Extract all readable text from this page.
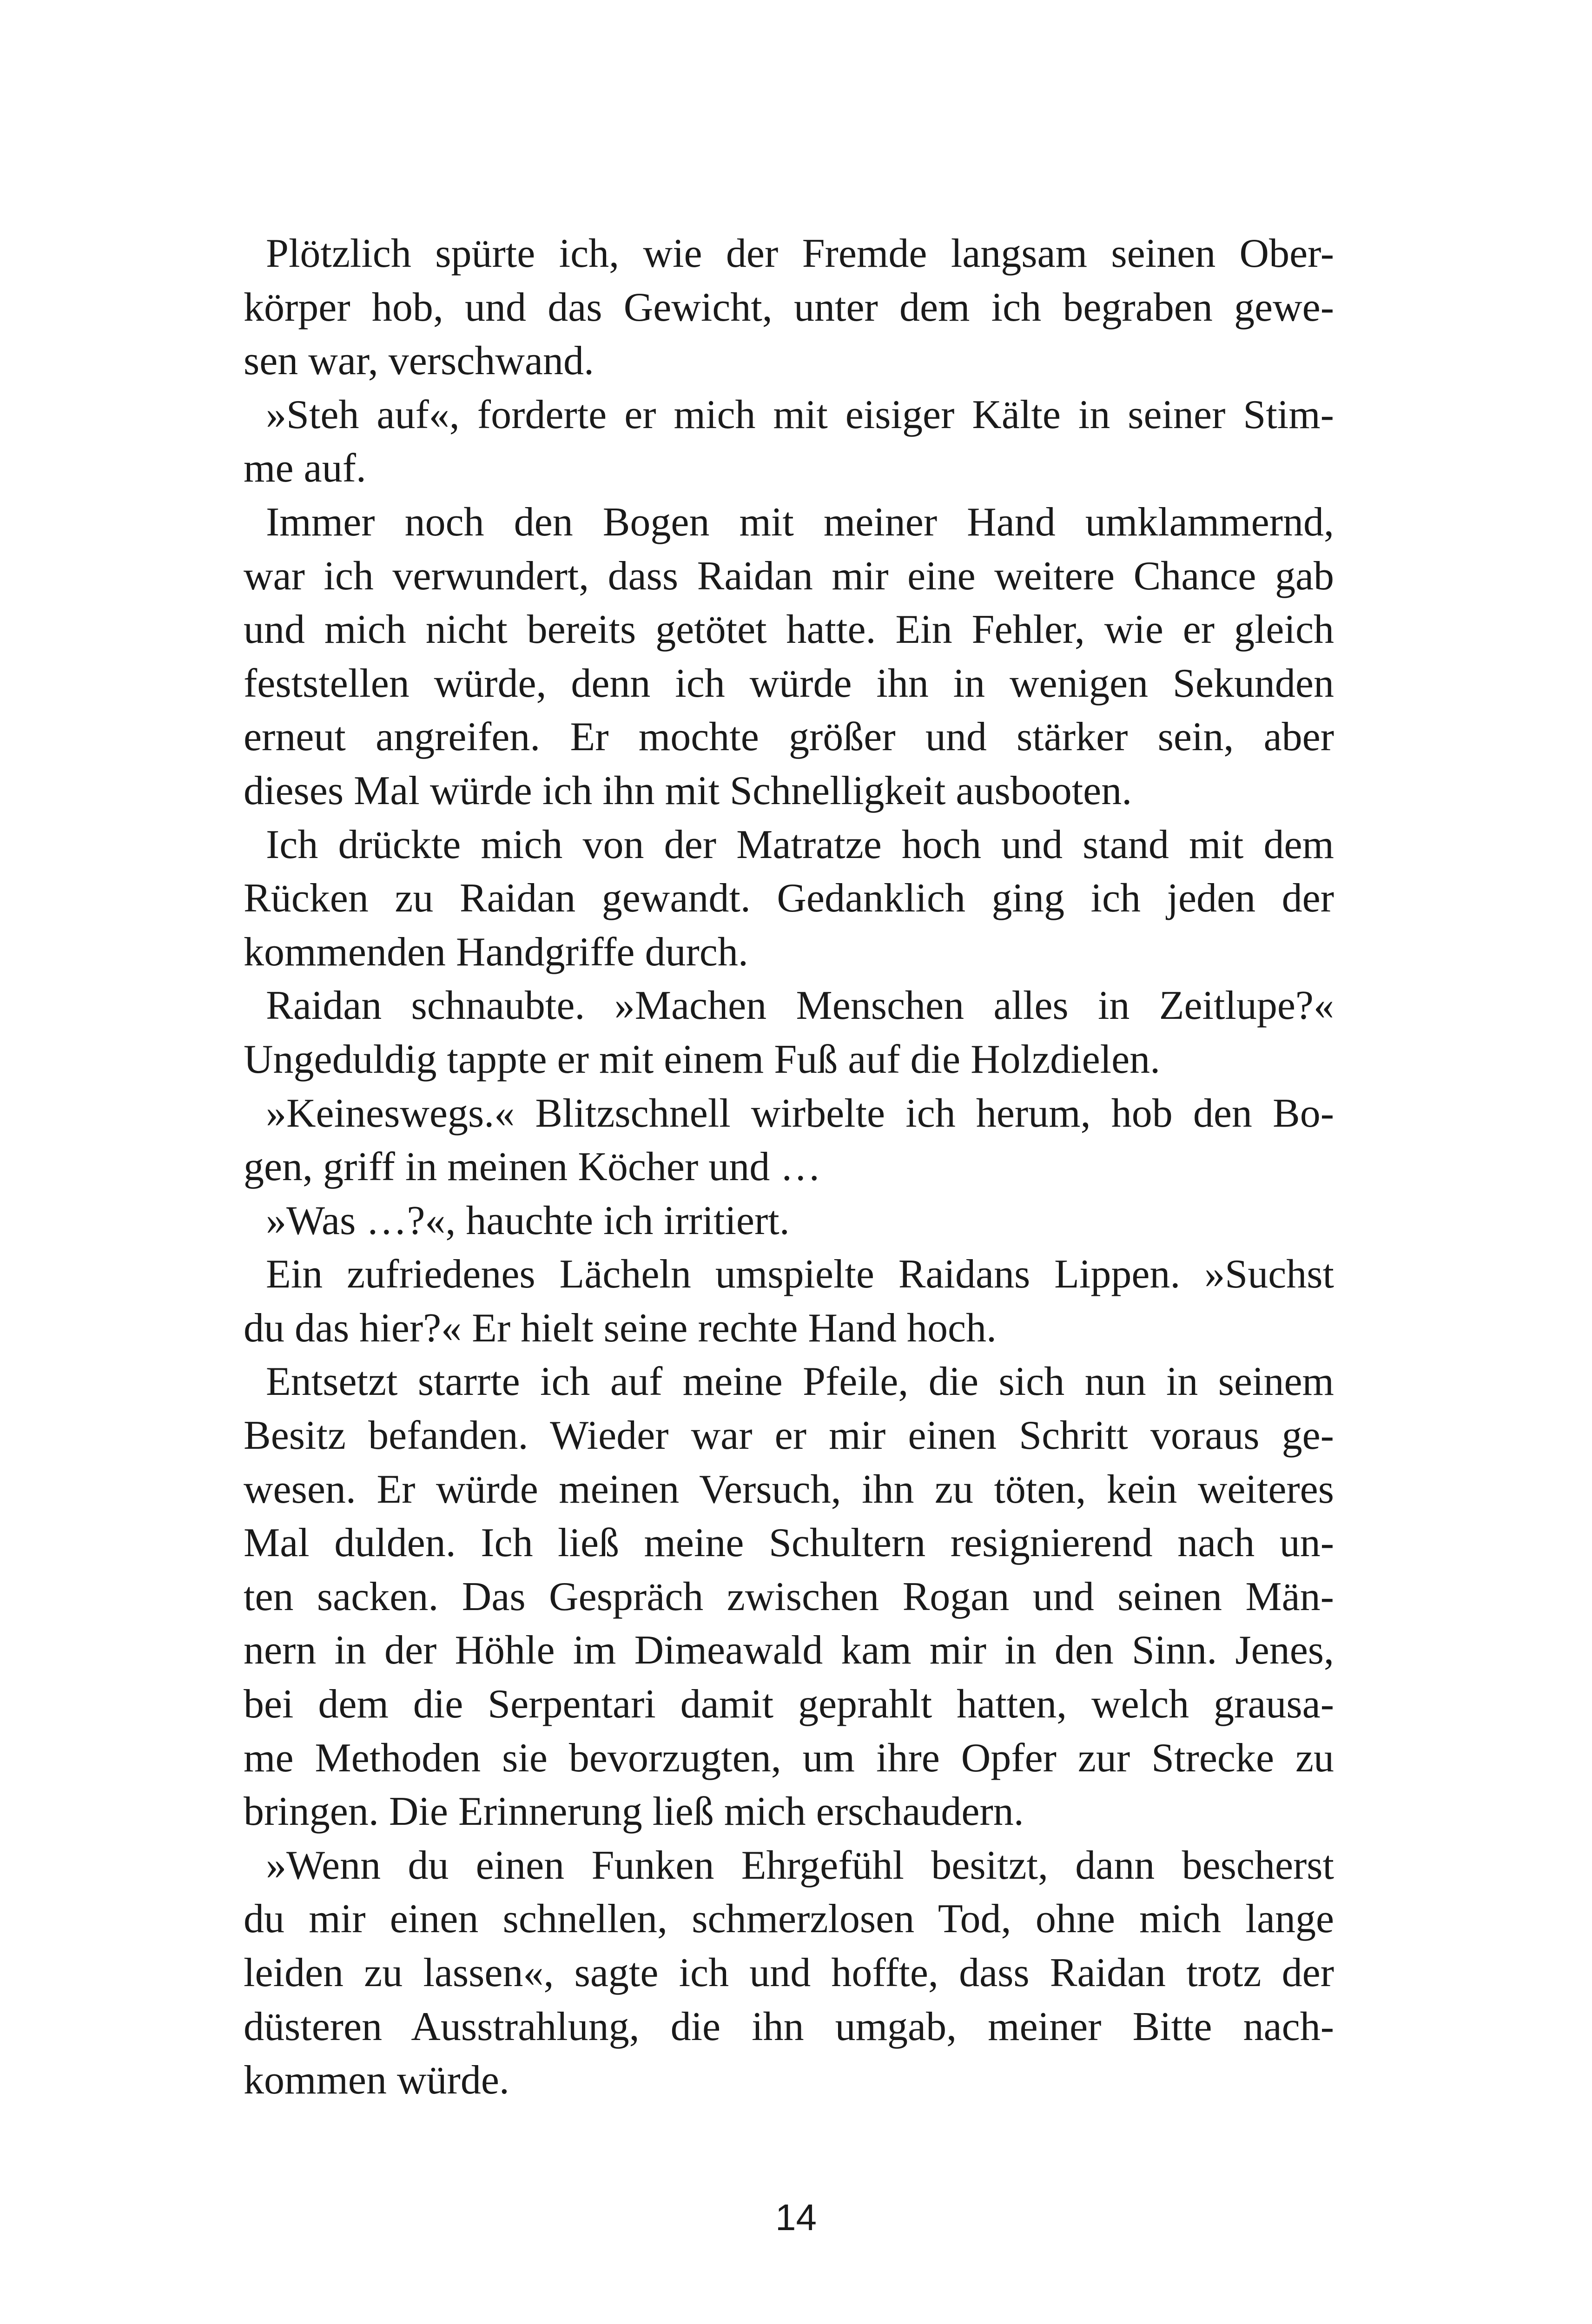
Plötzlich spürte ich, wie der Fremde langsam seinen Ober-
körper hob, und das Gewicht, unter dem ich begraben gewe-
sen war, verschwand.
»Steh auf«, forderte er mich mit eisiger Kälte in seiner Stim-
me auf.
Immer noch den Bogen mit meiner Hand umklammernd,
war ich verwundert, dass Raidan mir eine weitere Chance gab
und mich nicht bereits getötet hatte. Ein Fehler, wie er gleich
feststellen würde, denn ich würde ihn in wenigen Sekunden
erneut angreifen. Er mochte größer und stärker sein, aber
dieses Mal würde ich ihn mit Schnelligkeit ausbooten.
Ich drückte mich von der Matratze hoch und stand mit dem
Rücken zu Raidan gewandt. Gedanklich ging ich jeden der
kommenden Handgriffe durch.
Raidan schnaubte. »Machen Menschen alles in Zeitlupe?«
Ungeduldig tappte er mit einem Fuß auf die Holzdielen.
»Keineswegs.« Blitzschnell wirbelte ich herum, hob den Bo-
gen, griff in meinen Köcher und …
»Was …?«, hauchte ich irritiert.
Ein zufriedenes Lächeln umspielte Raidans Lippen. »Suchst
du das hier?« Er hielt seine rechte Hand hoch.
Entsetzt starrte ich auf meine Pfeile, die sich nun in seinem
Besitz befanden. Wieder war er mir einen Schritt voraus ge-
wesen. Er würde meinen Versuch, ihn zu töten, kein weiteres
Mal dulden. Ich ließ meine Schultern resignierend nach un-
ten sacken. Das Gespräch zwischen Rogan und seinen Män-
nern in der Höhle im Dimeawald kam mir in den Sinn. Jenes,
bei dem die Serpentari damit geprahlt hatten, welch grausa-
me Methoden sie bevorzugten, um ihre Opfer zur Strecke zu
bringen. Die Erinnerung ließ mich erschaudern.
»Wenn du einen Funken Ehrgefühl besitzt, dann bescherst
du mir einen schnellen, schmerzlosen Tod, ohne mich lange
leiden zu lassen«, sagte ich und hoffte, dass Raidan trotz der
düsteren Ausstrahlung, die ihn umgab, meiner Bitte nach-
kommen würde.
14
